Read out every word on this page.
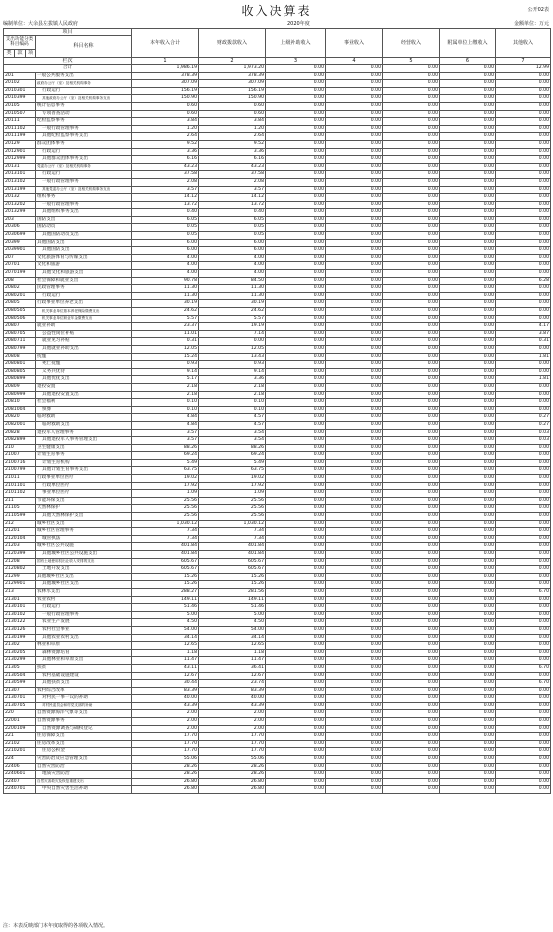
收入决算表	公开02表
编制单位：大余县左拔镇人民政府	2020年度	金额单位：万元
项目				本年收入合计	财政拨款收入	上级补助收入	事业收入	经营收入	附属单位上缴收入	其他收入
支出功能分类科目编码			科目名称							
类	款	项								
栏次				1	2	3	4	5	6	7
合计				1,986.19	1,973.20	0.00	0.00	0.00	0.00	12.99
201			一般公共服务支出	378.39	378.39	0.00	0.00	0.00	0.00	0.00
20102			政府办公厅（室）及相关机构事务	307.09	307.09	0.00	0.00	0.00	0.00	0.00
2010301			行政运行	156.19	156.19	0.00	0.00	0.00	0.00	0.00
2010399			其他政府办公厅（室）及相关机构事务支出	150.90	150.90	0.00	0.00	0.00	0.00	0.00
20105			统计信息事务	0.60	0.60	0.00	0.00	0.00	0.00	0.00
2010507			专项普查活动	0.60	0.60	0.00	0.00	0.00	0.00	0.00
20111			纪检监察事务	3.84	3.84	0.00	0.00	0.00	0.00	0.00
2011102			一般行政管理事务	1.20	1.20	0.00	0.00	0.00	0.00	0.00
2011199			其他纪检监察事务支出	2.64	2.64	0.00	0.00	0.00	0.00	0.00
20129			群众团体事务	9.52	9.52	0.00	0.00	0.00	0.00	0.00
2012901			行政运行	3.36	3.36	0.00	0.00	0.00	0.00	0.00
2012999			其他群众团体事务支出	6.16	6.16	0.00	0.00	0.00	0.00	0.00
20131			党委办公厅（室）及相关机构事务	43.23	43.23	0.00	0.00	0.00	0.00	0.00
2013101			行政运行	37.58	37.58	0.00	0.00	0.00	0.00	0.00
2013102			一般行政管理事务	2.08	2.08	0.00	0.00	0.00	0.00	0.00
2013199			其他党委办公厅（室）及相关机构事务支出	3.57	3.57	0.00	0.00	0.00	0.00	0.00
20132			组织事务	14.12	14.12	0.00	0.00	0.00	0.00	0.00
2013202			一般行政管理事务	13.72	13.72	0.00	0.00	0.00	0.00	0.00
2013299			其他组织事务支出	0.40	0.40	0.00	0.00	0.00	0.00	0.00
203			国防支出	6.05	6.05	0.00	0.00	0.00	0.00	0.00
20306			国防动员	0.05	0.05	0.00	0.00	0.00	0.00	0.00
2030699			其他国防动员支出	0.05	0.05	0.00	0.00	0.00	0.00	0.00
20399			其他国防支出	6.00	6.00	0.00	0.00	0.00	0.00	0.00
2039901			其他国防支出	6.00	6.00	0.00	0.00	0.00	0.00	0.00
207			文化旅游体育与传媒支出	4.00	4.00	0.00	0.00	0.00	0.00	0.00
20701			文化和旅游	4.00	4.00	0.00	0.00	0.00	0.00	0.00
2070199			其他文化和旅游支出	4.00	4.00	0.00	0.00	0.00	0.00	0.00
208			社会保障和就业支出	90.78	84.50	0.00	0.00	0.00	0.00	6.28
20802			民政管理事务	11.30	11.30	0.00	0.00	0.00	0.00	0.00
2080201			行政运行	11.30	11.30	0.00	0.00	0.00	0.00	0.00
20805			行政事业单位养老支出	30.19	30.19	0.00	0.00	0.00	0.00	0.00
2080505			机关事业单位基本养老保险缴费支出	24.62	24.62	0.00	0.00	0.00	0.00	0.00
2080506			机关事业单位职业年金缴费支出	5.57	5.57	0.00	0.00	0.00	0.00	0.00
20807			就业补助	23.37	19.19	0.00	0.00	0.00	0.00	4.17
2080705			公益性岗位补贴	11.01	7.14	0.00	0.00	0.00	0.00	3.87
2080711			就业见习补贴	0.31	0.00	0.00	0.00	0.00	0.00	0.31
2080799			其他就业补助支出	12.05	12.05	0.00	0.00	0.00	0.00	0.00
20808			抚恤	15.24	13.43	0.00	0.00	0.00	0.00	1.81
2080801			死亡抚恤	0.93	0.93	0.00	0.00	0.00	0.00	0.00
2080805			义务兵优待	9.14	9.14	0.00	0.00	0.00	0.00	0.00
2080899			其他优抚支出	5.17	3.36	0.00	0.00	0.00	0.00	1.81
20809			退役安置	2.18	2.18	0.00	0.00	0.00	0.00	0.00
2080999			其他退役安置支出	2.18	2.18	0.00	0.00	0.00	0.00	0.00
20810			社会福利	0.10	0.10	0.00	0.00	0.00	0.00	0.00
2081004			殡葬	0.10	0.10	0.00	0.00	0.00	0.00	0.00
20820			临时救助	4.84	4.57	0.00	0.00	0.00	0.00	0.27
2082001			临时救助支出	4.84	4.57	0.00	0.00	0.00	0.00	0.27
20828			退役军人管理事务	3.57	3.54	0.00	0.00	0.00	0.00	0.03
2082899			其他退役军人事务管理支出	3.57	3.54	0.00	0.00	0.00	0.00	0.03
210			卫生健康支出	88.26	88.26	0.00	0.00	0.00	0.00	0.00
21007			计划生育事务	69.24	69.24	0.00	0.00	0.00	0.00	0.00
2100716			计划生育机构	5.49	5.49	0.00	0.00	0.00	0.00	0.00
2100799			其他计划生育事务支出	63.75	63.75	0.00	0.00	0.00	0.00	0.00
21011			行政事业单位医疗	19.02	19.02	0.00	0.00	0.00	0.00	0.00
2101101			行政单位医疗	17.92	17.92	0.00	0.00	0.00	0.00	0.00
2101102			事业单位医疗	1.09	1.09	0.00	0.00	0.00	0.00	0.00
211			节能环保支出	25.56	25.56	0.00	0.00	0.00	0.00	0.00
21105			天然林保护	25.56	25.56	0.00	0.00	0.00	0.00	0.00
2110599			其他天然林保护支出	25.56	25.56	0.00	0.00	0.00	0.00	0.00
212			城乡社区支出	1,030.12	1,030.12	0.00	0.00	0.00	0.00	0.00
21201			城乡社区管理事务	7.34	7.34	0.00	0.00	0.00	0.00	0.00
2120104			城管执法	7.34	7.34	0.00	0.00	0.00	0.00	0.00
21203			城乡社区公共设施	401.84	401.84	0.00	0.00	0.00	0.00	0.00
2120399			其他城乡社区公共设施支出	401.84	401.84	0.00	0.00	0.00	0.00	0.00
21208			国有土地使用权出让收入安排的支出	605.67	605.67	0.00	0.00	0.00	0.00	0.00
2120802			土地开发支出	605.67	605.67	0.00	0.00	0.00	0.00	0.00
21299			其他城乡社区支出	15.26	15.26	0.00	0.00	0.00	0.00	0.00
2129901			其他城乡社区支出	15.26	15.26	0.00	0.00	0.00	0.00	0.00
213			农林水支出	288.27	281.56	0.00	0.00	0.00	0.00	6.70
21301			农业农村	149.11	149.11	0.00	0.00	0.00	0.00	0.00
2130101			行政运行	51.46	51.46	0.00	0.00	0.00	0.00	0.00
2130102			一般行政管理事务	5.00	5.00	0.00	0.00	0.00	0.00	0.00
2130122			农业生产发展	4.50	4.50	0.00	0.00	0.00	0.00	0.00
2130126			农村社会事业	54.00	54.00	0.00	0.00	0.00	0.00	0.00
2130199			其他农业农村支出	34.14	34.14	0.00	0.00	0.00	0.00	0.00
21302			林业和草原	12.65	12.65	0.00	0.00	0.00	0.00	0.00
2130205			森林资源培育	1.18	1.18	0.00	0.00	0.00	0.00	0.00
2130299			其他林业和草原支出	11.47	11.47	0.00	0.00	0.00	0.00	0.00
21305			扶贫	43.11	36.41	0.00	0.00	0.00	0.00	6.70
2130504			农村基础设施建设	12.67	12.67	0.00	0.00	0.00	0.00	0.00
2130599			其他扶贫支出	30.44	23.74	0.00	0.00	0.00	0.00	6.70
21307			农村综合改革	83.39	83.39	0.00	0.00	0.00	0.00	0.00
2130701			对村民一事一议的补助	40.00	40.00	0.00	0.00	0.00	0.00	0.00
2130705			对村民委员会和村党支部的补助	43.39	43.39	0.00	0.00	0.00	0.00	0.00
220			自然资源海洋气象等支出	2.00	2.00	0.00	0.00	0.00	0.00	0.00
22001			自然资源事务	2.00	2.00	0.00	0.00	0.00	0.00	0.00
2200109			自然资源调查与确权登记	2.00	2.00	0.00	0.00	0.00	0.00	0.00
221			住房保障支出	17.70	17.70	0.00	0.00	0.00	0.00	0.00
22102			住房改革支出	17.70	17.70	0.00	0.00	0.00	0.00	0.00
2210201			住房公积金	17.70	17.70	0.00	0.00	0.00	0.00	0.00
224			灾害防治及应急管理支出	55.06	55.06	0.00	0.00	0.00	0.00	0.00
22406			自然灾害防治	28.26	28.26	0.00	0.00	0.00	0.00	0.00
2240601			地质灾害防治	28.26	28.26	0.00	0.00	0.00	0.00	0.00
22407			自然灾害救灾及恢复重建支出	26.80	26.80	0.00	0.00	0.00	0.00	0.00
2240701			中央自然灾害生活补助	26.80	26.80	0.00	0.00	0.00	0.00	0.00
注：本表反映部门本年度取得的各项收入情况。
